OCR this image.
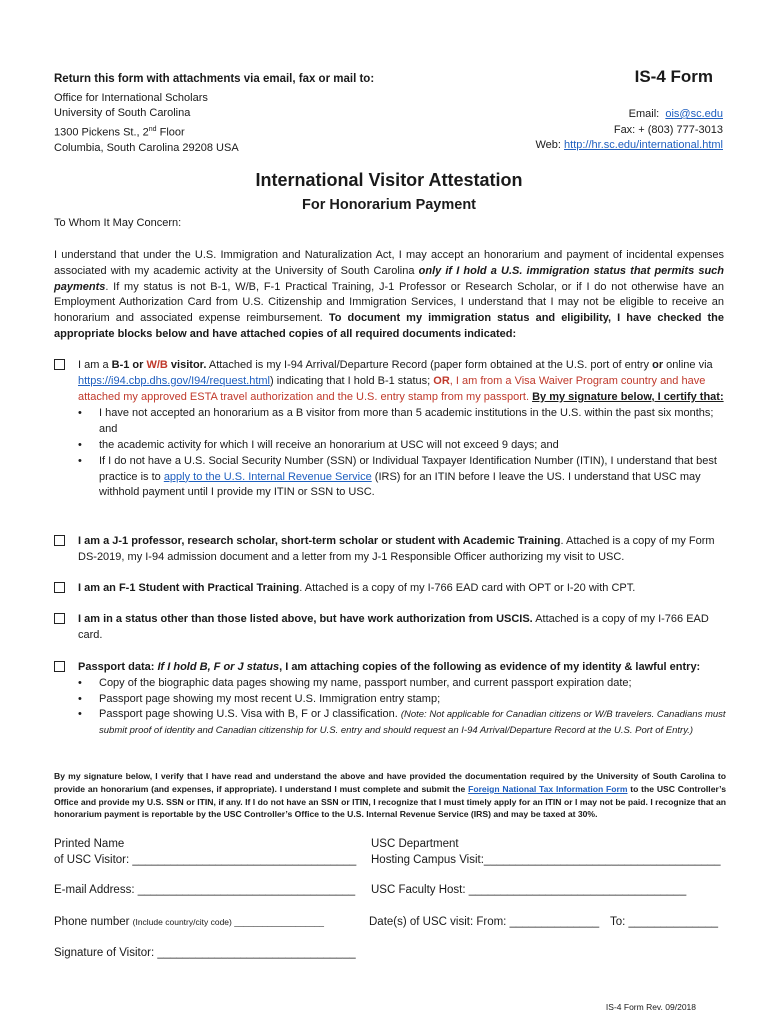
Return this form with attachments via email, fax or mail to:
Office for International Scholars
University of South Carolina
1300 Pickens St., 2nd Floor
Columbia, South Carolina 29208 USA
IS-4 Form
Email: ois@sc.edu
Fax: + (803) 777-3013
Web: http://hr.sc.edu/international.html
International Visitor Attestation
For Honorarium Payment
To Whom It May Concern:
I understand that under the U.S. Immigration and Naturalization Act, I may accept an honorarium and payment of incidental expenses associated with my academic activity at the University of South Carolina only if I hold a U.S. immigration status that permits such payments. If my status is not B-1, W/B, F-1 Practical Training, J-1 Professor or Research Scholar, or if I do not otherwise have an Employment Authorization Card from U.S. Citizenship and Immigration Services, I understand that I may not be eligible to receive an honorarium and associated expense reimbursement. To document my immigration status and eligibility, I have checked the appropriate blocks below and have attached copies of all required documents indicated:
I am a B-1 or W/B visitor. Attached is my I-94 Arrival/Departure Record (paper form obtained at the U.S. port of entry or online via https://i94.cbp.dhs.gov/I94/request.html) indicating that I hold B-1 status; OR, I am from a Visa Waiver Program country and have attached my approved ESTA travel authorization and the U.S. entry stamp from my passport. By my signature below, I certify that:
• I have not accepted an honorarium as a B visitor from more than 5 academic institutions in the U.S. within the past six months; and
• the academic activity for which I will receive an honorarium at USC will not exceed 9 days; and
• If I do not have a U.S. Social Security Number (SSN) or Individual Taxpayer Identification Number (ITIN), I understand that best practice is to apply to the U.S. Internal Revenue Service (IRS) for an ITIN before I leave the US. I understand that USC may withhold payment until I provide my ITIN or SSN to USC.
I am a J-1 professor, research scholar, short-term scholar or student with Academic Training. Attached is a copy of my Form DS-2019, my I-94 admission document and a letter from my J-1 Responsible Officer authorizing my visit to USC.
I am an F-1 Student with Practical Training. Attached is a copy of my I-766 EAD card with OPT or I-20 with CPT.
I am in a status other than those listed above, but have work authorization from USCIS. Attached is a copy of my I-766 EAD card.
Passport data: If I hold B, F or J status, I am attaching copies of the following as evidence of my identity & lawful entry:
• Copy of the biographic data pages showing my name, passport number, and current passport expiration date;
• Passport page showing my most recent U.S. Immigration entry stamp;
• Passport page showing U.S. Visa with B, F or J classification. (Note: Not applicable for Canadian citizens or W/B travelers. Canadians must submit proof of identity and Canadian citizenship for U.S. entry and should request an I-94 Arrival/Departure Record at the U.S. Port of Entry.)
By my signature below, I verify that I have read and understand the above and have provided the documentation required by the University of South Carolina to provide an honorarium (and expenses, if appropriate). I understand I must complete and submit the Foreign National Tax Information Form to the USC Controller’s Office and provide my U.S. SSN or ITIN, if any. If I do not have an SSN or ITIN, I recognize that I must timely apply for an ITIN or I may not be paid. I recognize that an honorarium payment is reportable by the USC Controller’s Office to the U.S. Internal Revenue Service (IRS) and may be taxed at 30%.
Printed Name
of USC Visitor: ___________________________________
USC Department
Hosting Campus Visit:_____________________________________
E-mail Address: __________________________________ USC Faculty Host: __________________________________
Phone number (Include country/city code) ___________________	Date(s) of USC visit: From: ______________ To: ______________
Signature of Visitor: _______________________________
IS-4 Form Rev. 09/2018
